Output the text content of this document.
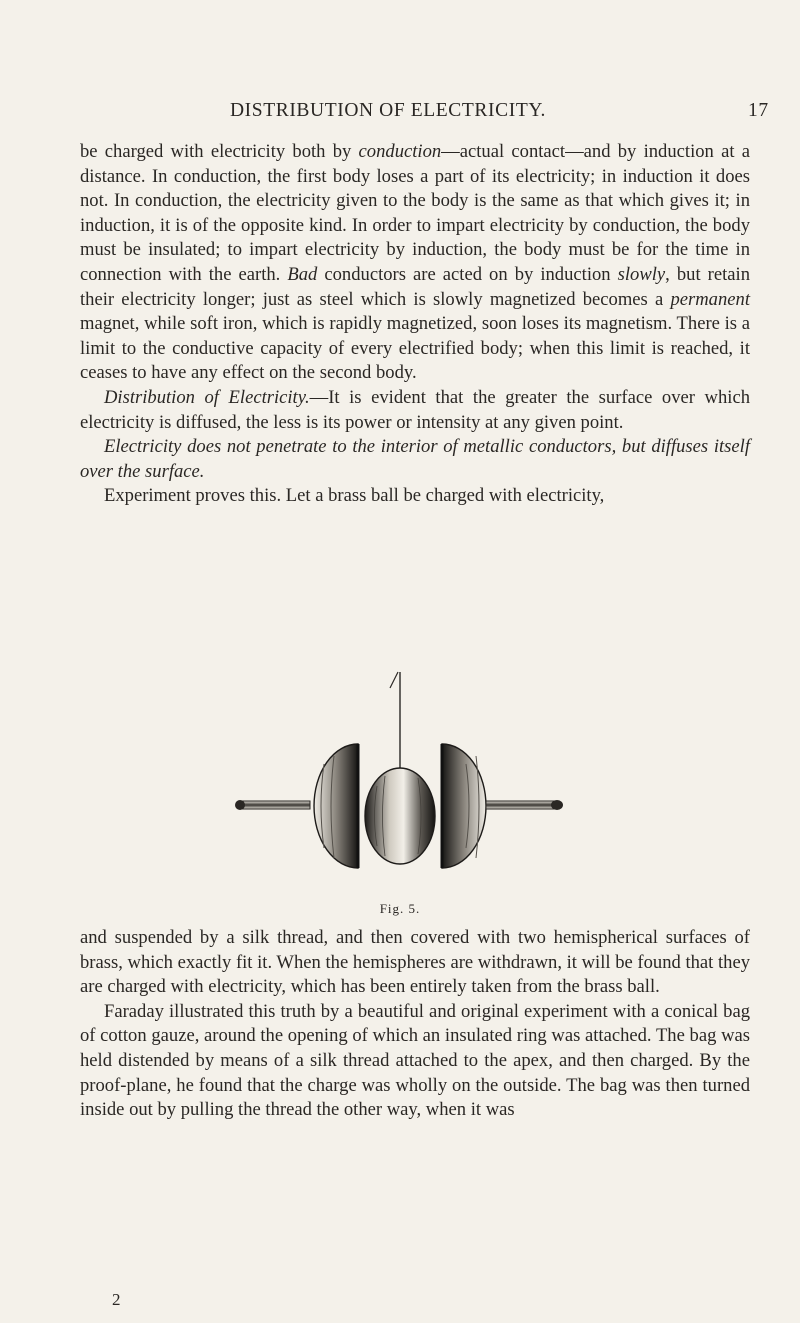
DISTRIBUTION OF ELECTRICITY.	17

be charged with electricity both by conduction—actual contact—and by induction at a distance. In conduction, the first body loses a part of its electricity; in induction it does not. In conduction, the electricity given to the body is the same as that which gives it; in induction, it is of the opposite kind. In order to impart electricity by conduction, the body must be insulated; to impart electricity by induction, the body must be for the time in connection with the earth. Bad conductors are acted on by induction slowly, but retain their electricity longer; just as steel which is slowly magnetized becomes a permanent magnet, while soft iron, which is rapidly magnetized, soon loses its magnetism. There is a limit to the conductive capacity of every electrified body; when this limit is reached, it ceases to have any effect on the second body.

Distribution of Electricity.—It is evident that the greater the surface over which electricity is diffused, the less is its power or intensity at any given point.

Electricity does not penetrate to the interior of metallic conductors, but diffuses itself over the surface.

Experiment proves this. Let a brass ball be charged with electricity,

Fig. 5.

and suspended by a silk thread, and then covered with two hemispherical surfaces of brass, which exactly fit it. When the hemispheres are withdrawn, it will be found that they are charged with electricity, which has been entirely taken from the brass ball.

Faraday illustrated this truth by a beautiful and original experiment with a conical bag of cotton gauze, around the opening of which an insulated ring was attached. The bag was held distended by means of a silk thread attached to the apex, and then charged. By the proof-plane, he found that the charge was wholly on the outside. The bag was then turned inside out by pulling the thread the other way, when it was

2
